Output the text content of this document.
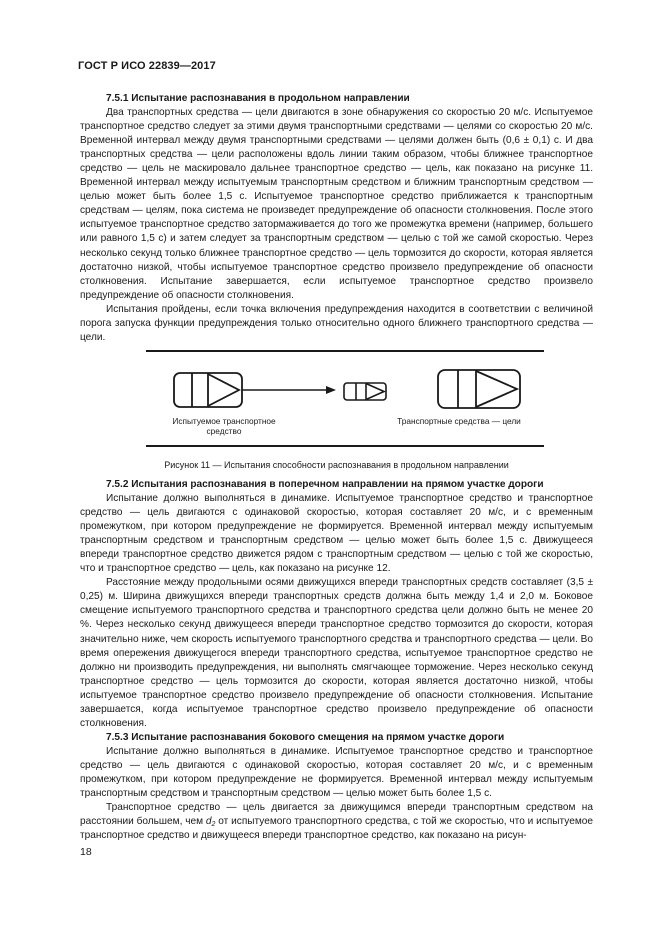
ГОСТ Р ИСО 22839—2017

7.5.1 Испытание распознавания в продольном направлении

Два транспортных средства — цели двигаются в зоне обнаружения со скоростью 20 м/с. Испытуемое транспортное средство следует за этими двумя транспортными средствами — целями со скоростью 20 м/с. Временной интервал между двумя транспортными средствами — целями должен быть (0,6 ± 0,1) с. И два транспортных средства — цели расположены вдоль линии таким образом, чтобы ближнее транспортное средство — цель не маскировало дальнее транспортное средство — цель, как показано на рисунке 11. Временной интервал между испытуемым транспортным средством и ближним транспортным средством — целью может быть более 1,5 с. Испытуемое транспортное средство приближается к транспортным средствам — целям, пока система не произведет предупреждение об опасности столкновения. После этого испытуемое транспортное средство затормаживается до того же промежутка времени (например, большего или равного 1,5 с) и затем следует за транспортным средством — целью с той же самой скоростью. Через несколько секунд только ближнее транспортное средство — цель тормозится до скорости, которая является достаточно низкой, чтобы испытуемое транспортное средство произвело предупреждение об опасности столкновения. Испытание завершается, если испытуемое транспортное средство произвело предупреждение об опасности столкновения.

Испытания пройдены, если точка включения предупреждения находится в соответствии с величиной порога запуска функции предупреждения только относительно одного ближнего транспортного средства — цели.

Испытуемое транспортное средство
Транспортные средства — цели
Рисунок 11 — Испытания способности распознавания в продольном направлении

7.5.2 Испытания распознавания в поперечном направлении на прямом участке дороги

Испытание должно выполняться в динамике. Испытуемое транспортное средство и транспортное средство — цель двигаются с одинаковой скоростью, которая составляет 20 м/с, и с временным промежутком, при котором предупреждение не формируется. Временной интервал между испытуемым транспортным средством и транспортным средством — целью может быть более 1,5 с. Движущееся впереди транспортное средство движется рядом с транспортным средством — целью с той же скоростью, что и транспортное средство — цель, как показано на рисунке 12.

Расстояние между продольными осями движущихся впереди транспортных средств составляет (3,5 ± 0,25) м. Ширина движущихся впереди транспортных средств должна быть между 1,4 и 2,0 м. Боковое смещение испытуемого транспортного средства и транспортного средства цели должно быть не менее 20 %. Через несколько секунд движущееся впереди транспортное средство тормозится до скорости, которая значительно ниже, чем скорость испытуемого транспортного средства и транспортного средства — цели. Во время опережения движущегося впереди транспортного средства, испытуемое транспортное средство не должно ни производить предупреждения, ни выполнять смягчающее торможение. Через несколько секунд транспортное средство — цель тормозится до скорости, которая является достаточно низкой, чтобы испытуемое транспортное средство произвело предупреждение об опасности столкновения. Испытание завершается, когда испытуемое транспортное средство произвело предупреждение об опасности столкновения.

7.5.3 Испытание распознавания бокового смещения на прямом участке дороги

Испытание должно выполняться в динамике. Испытуемое транспортное средство и транспортное средство — цель двигаются с одинаковой скоростью, которая составляет 20 м/с, и с временным промежутком, при котором предупреждение не формируется. Временной интервал между испытуемым транспортным средством и транспортным средством — целью может быть более 1,5 с.

Транспортное средство — цель двигается за движущимся впереди транспортным средством на расстоянии большем, чем $d_2$ от испытуемого транспортного средства, с той же скоростью, что и испытуемое транспортное средство и движущееся впереди транспортное средство, как показано на рисун-

18
